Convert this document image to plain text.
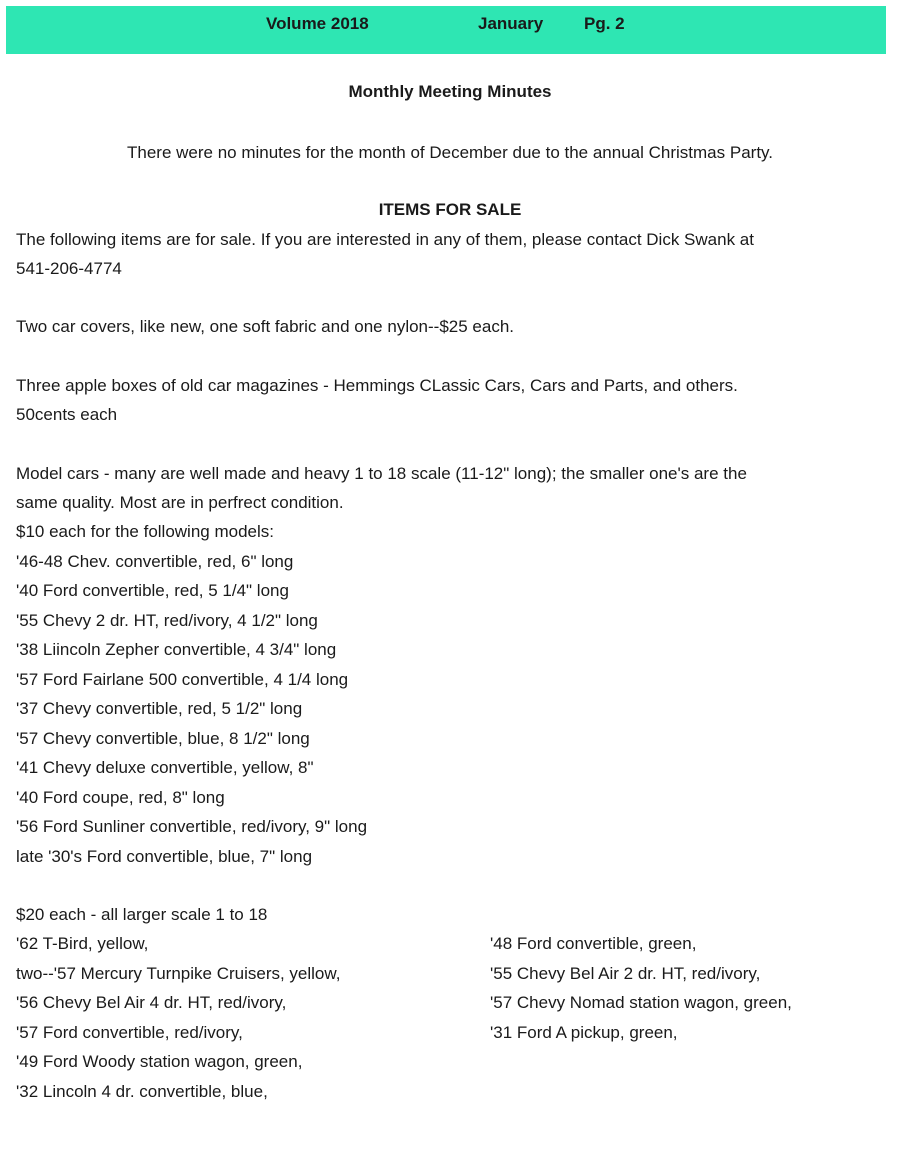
Volume 2018	January Pg. 2
Monthly Meeting Minutes
There were no minutes for the month of December due to the annual Christmas Party.
ITEMS FOR SALE
The following items are for sale. If you are interested in any of them, please contact Dick Swank at
541-206-4774
Two car covers, like new, one soft fabric and one nylon--$25 each.
Three apple boxes of old car magazines - Hemmings CLassic Cars, Cars and Parts, and others.
50cents each
Model cars - many are well made and heavy 1 to 18 scale (11-12" long); the smaller one's are the
same quality. Most are in perfrect condition.
$10 each for the following models:
'46-48 Chev. convertible, red, 6" long
'40 Ford convertible, red, 5 1/4" long
'55 Chevy 2 dr. HT, red/ivory, 4 1/2" long
'38 Liincoln Zepher convertible, 4 3/4" long
'57 Ford Fairlane 500 convertible, 4 1/4 long
'37 Chevy convertible, red, 5 1/2" long
'57 Chevy convertible, blue, 8 1/2" long
'41 Chevy deluxe convertible, yellow, 8"
'40 Ford coupe, red, 8" long
'56 Ford Sunliner convertible, red/ivory, 9" long
late '30's Ford convertible, blue, 7" long
$20 each - all larger scale 1 to 18
'62 T-Bird, yellow,
two--'57 Mercury Turnpike Cruisers, yellow,
'56 Chevy Bel Air 4 dr. HT, red/ivory,
'57 Ford convertible, red/ivory,
'49 Ford Woody station wagon, green,
'32 Lincoln 4 dr. convertible, blue,
'48 Ford convertible, green,
'55 Chevy Bel Air 2 dr. HT, red/ivory,
'57 Chevy Nomad station wagon, green,
'31 Ford A pickup, green,
